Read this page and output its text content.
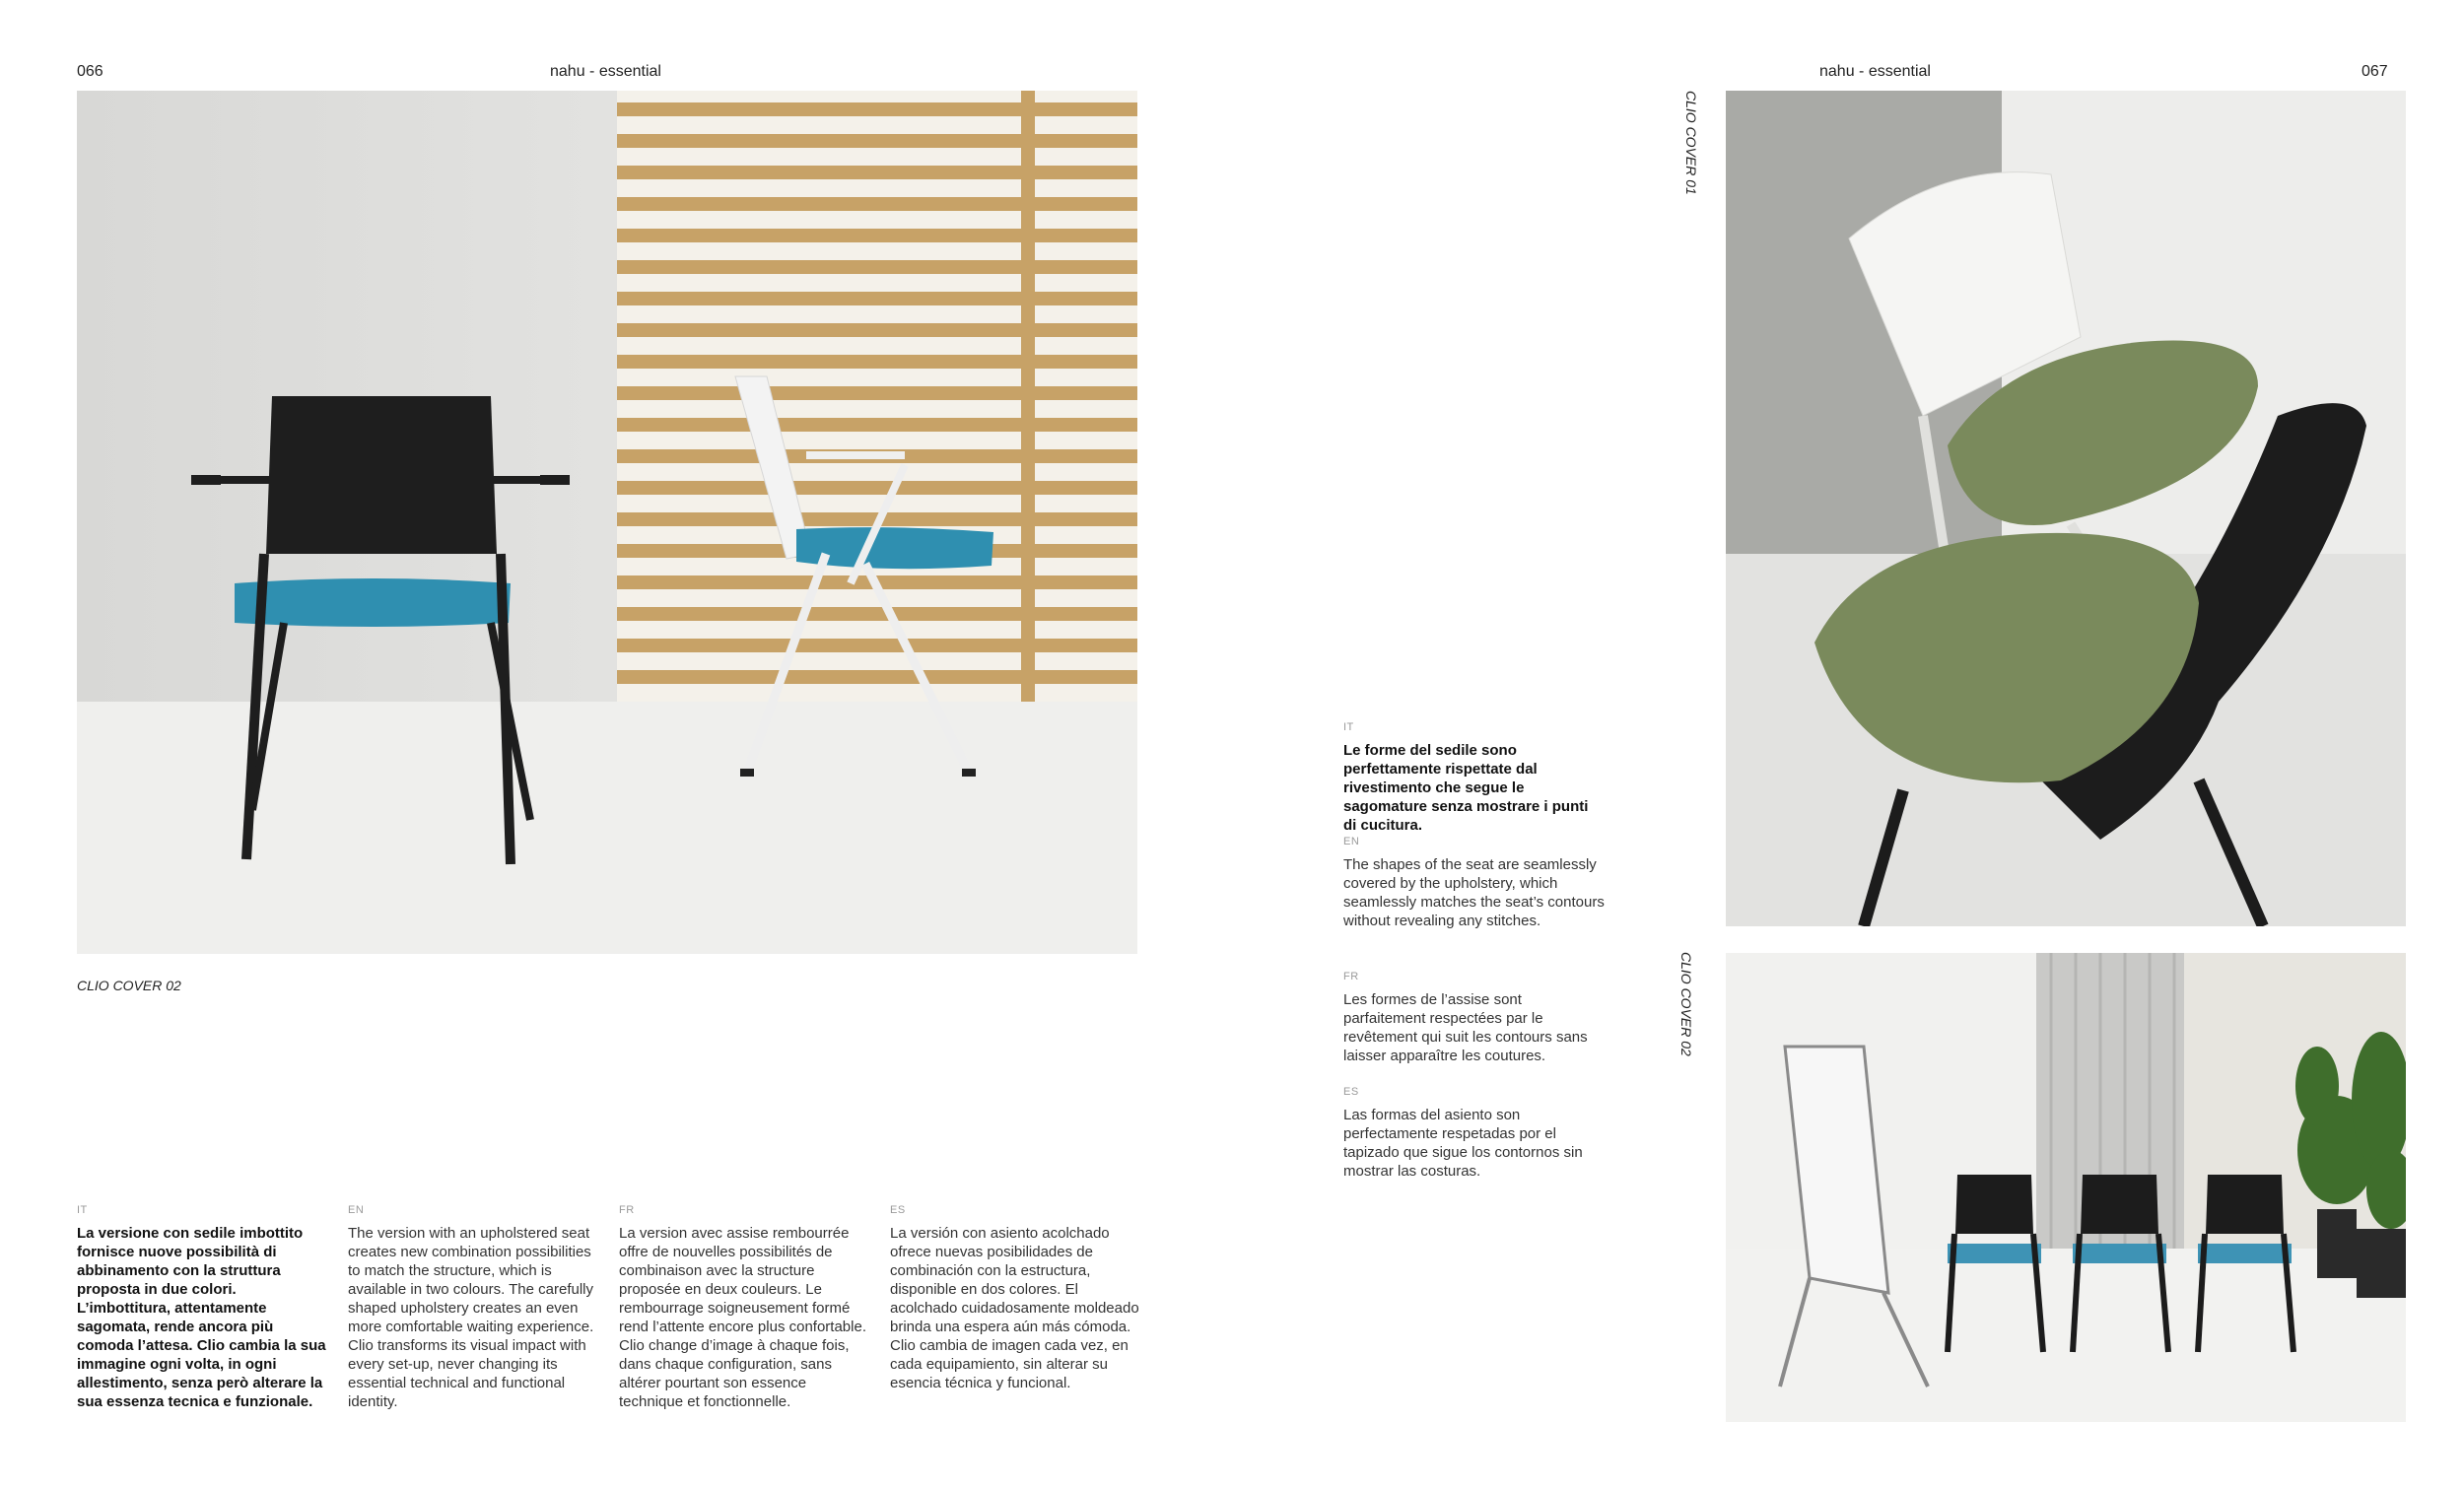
066	nahu - essential	nahu - essential	067
CLIO COVER 02
IT
La versione con sedile imbottito fornisce nuove possibilità di abbinamento con la struttura proposta in due colori. L’imbottitura, attentamente sagomata, rende ancora più comoda l’attesa. Clio cambia la sua immagine ogni volta, in ogni allestimento, senza però alterare la sua essenza tecnica e funzionale.
EN
The version with an upholstered seat creates new combination possibilities to match the structure, which is available in two colours. The carefully shaped upholstery creates an even more comfortable waiting experience. Clio transforms its visual impact with every set-up, never changing its essential technical and functional identity.
FR
La version avec assise rembourrée offre de nouvelles possibilités de combinaison avec la structure proposée en deux couleurs. Le rembourrage soigneusement formé rend l’attente encore plus confortable. Clio change d’image à chaque fois, dans chaque configuration, sans altérer pourtant son essence technique et fonctionnelle.
ES
La versión con asiento acolchado ofrece nuevas posibilidades de combinación con la estructura, disponible en dos colores. El acolchado cuidadosamente moldeado brinda una espera aún más cómoda. Clio cambia de imagen cada vez, en cada equipamiento, sin alterar su esencia técnica y funcional.
IT
Le forme del sedile sono perfettamente rispettate dal rivestimento che segue le sagomature senza mostrare i punti di cucitura.
EN
The shapes of the seat are seamlessly covered by the upholstery, which seamlessly matches the seat’s contours without revealing any stitches.
FR
Les formes de l’assise sont parfaitement respectées par le revêtement qui suit les contours sans laisser apparaître les coutures.
ES
Las formas del asiento son perfectamente respetadas por el tapizado que sigue los contornos sin mostrar las costuras.
CLIO COVER 01
CLIO COVER 02
